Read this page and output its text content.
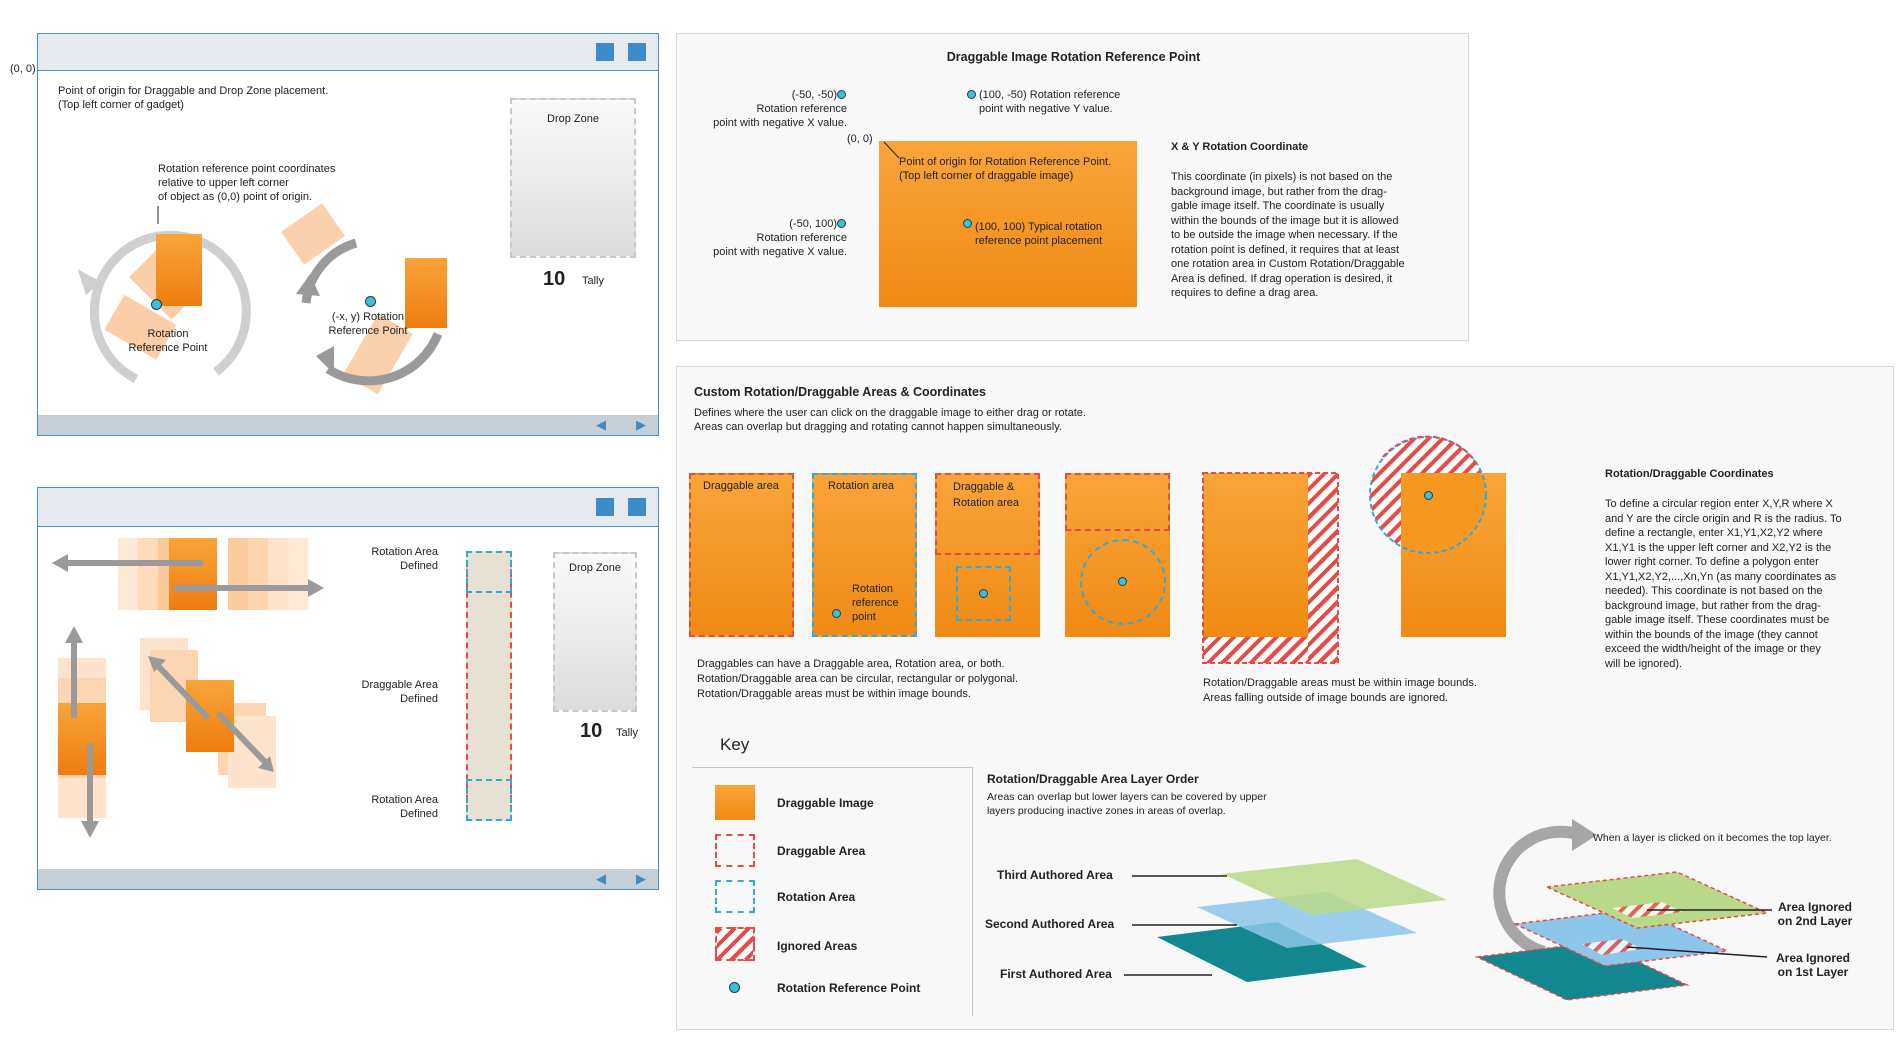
(0, 0)
◀ ▶
Point of origin for Draggable and Drop Zone placement.
(Top left corner of gadget)
Rotation reference point coordinates
relative to upper left corner
of object as (0,0) point of origin.
Rotation
Reference Point
(-x, y) Rotation
Reference Point
Drop Zone
10 Tally
◀ ▶
Rotation Area
Defined
Draggable Area
Defined
Rotation Area
Defined
Drop Zone
10 Tally
Draggable Image Rotation Reference Point
(-50, -50)
Rotation reference
point with negative X value.
(100, -50) Rotation reference
point with negative Y value.
(0, 0)
Point of origin for Rotation Reference Point.
(Top left corner of draggable image)
(-50, 100)
Rotation reference
point with negative X value.
(100, 100) Typical rotation
reference point placement
X & Y Rotation Coordinate
This coordinate (in pixels) is not based on the
background image, but rather from the drag-
gable image itself. The coordinate is usually
within the bounds of the image but it is allowed
to be outside the image when necessary. If the
rotation point is defined, it requires that at least
one rotation area in Custom Rotation/Draggable
Area is defined. If drag operation is desired, it
requires to define a drag area.
Custom Rotation/Draggable Areas & Coordinates
Defines where the user can click on the draggable image to either drag or rotate.
Areas can overlap but dragging and rotating cannot happen simultaneously.
Draggable area	Rotation area
Rotation
reference
point
Draggable &
Rotation area
Draggables can have a Draggable area, Rotation area, or both.
Rotation/Draggable area can be circular, rectangular or polygonal.
Rotation/Draggable areas must be within image bounds.
Rotation/Draggable areas must be within image bounds.
Areas falling outside of image bounds are ignored.
Rotation/Draggable Coordinates
To define a circular region enter X,Y,R where X
and Y are the circle origin and R is the radius. To
define a rectangle, enter X1,Y1,X2,Y2 where
X1,Y1 is the upper left corner and X2,Y2 is the
lower right corner. To define a polygon enter
X1,Y1,X2,Y2,...,Xn,Yn (as many coordinates as
needed). This coordinate is not based on the
background image, but rather from the drag-
gable image itself. These coordinates must be
within the bounds of the image (they cannot
exceed the width/height of the image or they
will be ignored).
Key
Draggable Image
Draggable Area
Rotation Area
Ignored Areas
Rotation Reference Point
Rotation/Draggable Area Layer Order
Areas can overlap but lower layers can be covered by upper
layers producing inactive zones in areas of overlap.
Third Authored Area
Second Authored Area
First Authored Area
When a layer is clicked on it becomes the top layer.
Area Ignored
on 2nd Layer
Area Ignored
on 1st Layer
